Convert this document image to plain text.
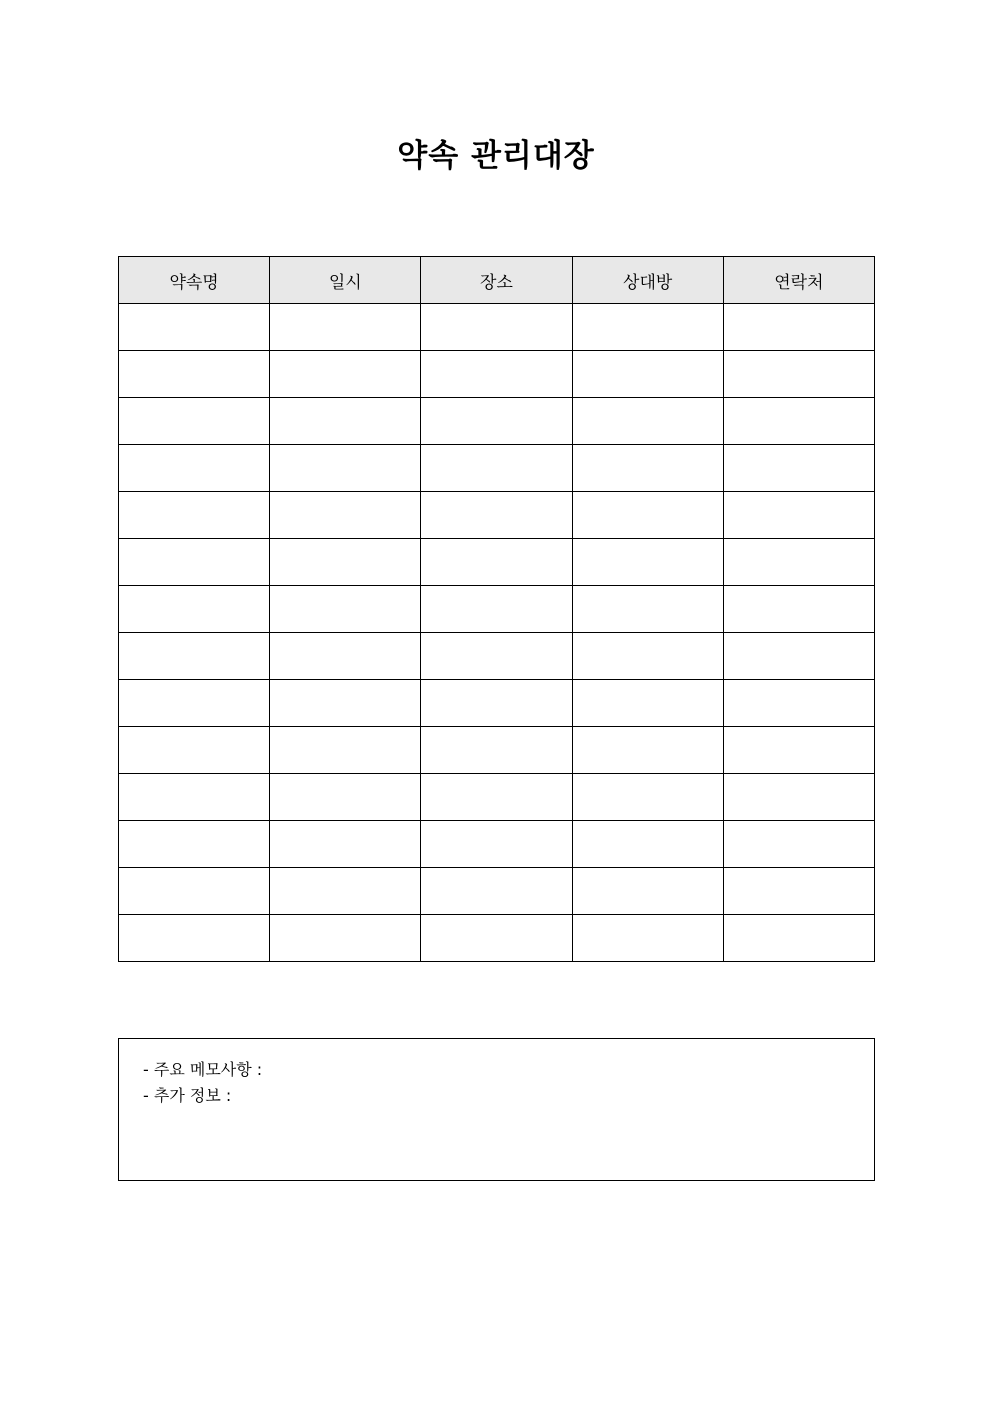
약속 관리대장
약속명	일시	장소	상대방	연락처

- 주요 메모사항 :
- 추가 정보 :
